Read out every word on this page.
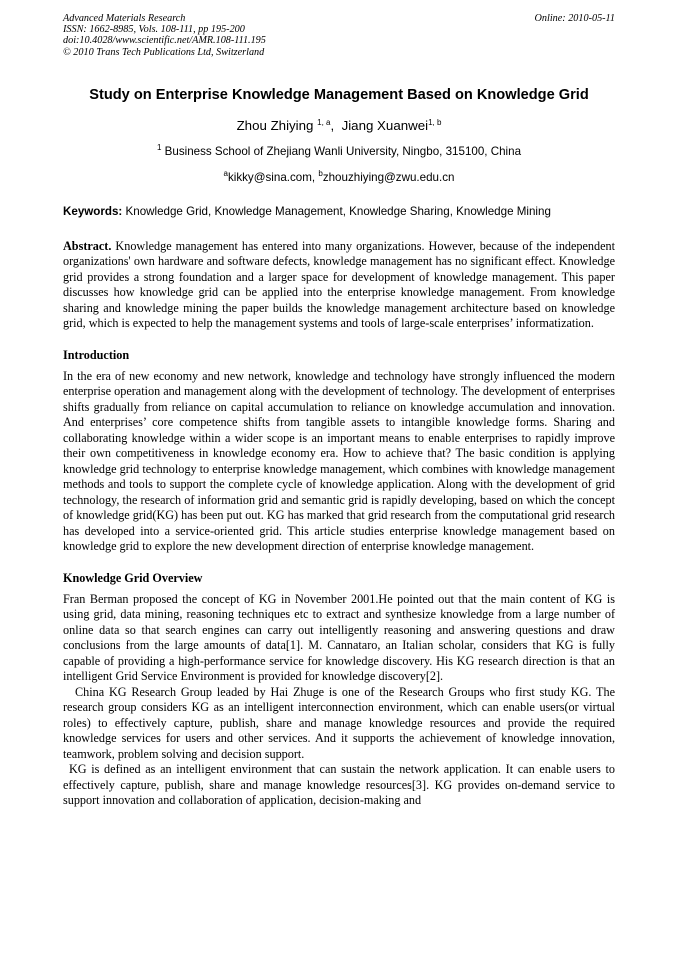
Advanced Materials Research
ISSN: 1662-8985, Vols. 108-111, pp 195-200
doi:10.4028/www.scientific.net/AMR.108-111.195
© 2010 Trans Tech Publications Ltd, Switzerland
Online: 2010-05-11
Study on Enterprise Knowledge Management Based on Knowledge Grid
Zhou Zhiying $^{1, a}$, Jiang Xuanwei$^{1, b}$
$^1$ Business School of Zhejiang Wanli University, Ningbo, 315100, China
$^a$kikky@sina.com, $^b$zhouzhiying@zwu.edu.cn
Keywords: Knowledge Grid, Knowledge Management, Knowledge Sharing, Knowledge Mining

Abstract. Knowledge management has entered into many organizations. However, because of the independent organizations' own hardware and software defects, knowledge management has no significant effect. Knowledge grid provides a strong foundation and a larger space for development of knowledge management. This paper discusses how knowledge grid can be applied into the enterprise knowledge management. From knowledge sharing and knowledge mining the paper builds the knowledge management architecture based on knowledge grid, which is expected to help the management systems and tools of large-scale enterprises’ informatization.

Introduction

In the era of new economy and new network, knowledge and technology have strongly influenced the modern enterprise operation and management along with the development of technology. The development of enterprises shifts gradually from reliance on capital accumulation to reliance on knowledge accumulation and innovation. And enterprises’ core competence shifts from tangible assets to intangible knowledge forms. Sharing and collaborating knowledge within a wider scope is an important means to enable enterprises to rapidly improve their own competitiveness in knowledge economy era. How to achieve that? The basic condition is applying knowledge grid technology to enterprise knowledge management, which combines with knowledge management methods and tools to support the complete cycle of knowledge application. Along with the development of grid technology, the research of information grid and semantic grid is rapidly developing, based on which the concept of knowledge grid(KG) has been put out. KG has marked that grid research from the computational grid research has developed into a service-oriented grid. This article studies enterprise knowledge management based on knowledge grid to explore the new development direction of enterprise knowledge management.

Knowledge Grid Overview

Fran Berman proposed the concept of KG in November 2001.He pointed out that the main content of KG is using grid, data mining, reasoning techniques etc to extract and synthesize knowledge from a large number of online data so that search engines can carry out intelligently reasoning and answering questions and draw conclusions from the large amounts of data[1]. M. Cannataro, an Italian scholar, considers that KG is fully capable of providing a high-performance service for knowledge discovery. His KG research direction is that an intelligent Grid Service Environment is provided for knowledge discovery[2].

China KG Research Group leaded by Hai Zhuge is one of the Research Groups who first study KG. The research group considers KG as an intelligent interconnection environment, which can enable users(or virtual roles) to effectively capture, publish, share and manage knowledge resources and provide the required knowledge services for users and other services. And it supports the achievement of knowledge innovation, teamwork, problem solving and decision support.

KG is defined as an intelligent environment that can sustain the network application. It can enable users to effectively capture, publish, share and manage knowledge resources[3]. KG provides on-demand service to support innovation and collaboration of application, decision-making and
